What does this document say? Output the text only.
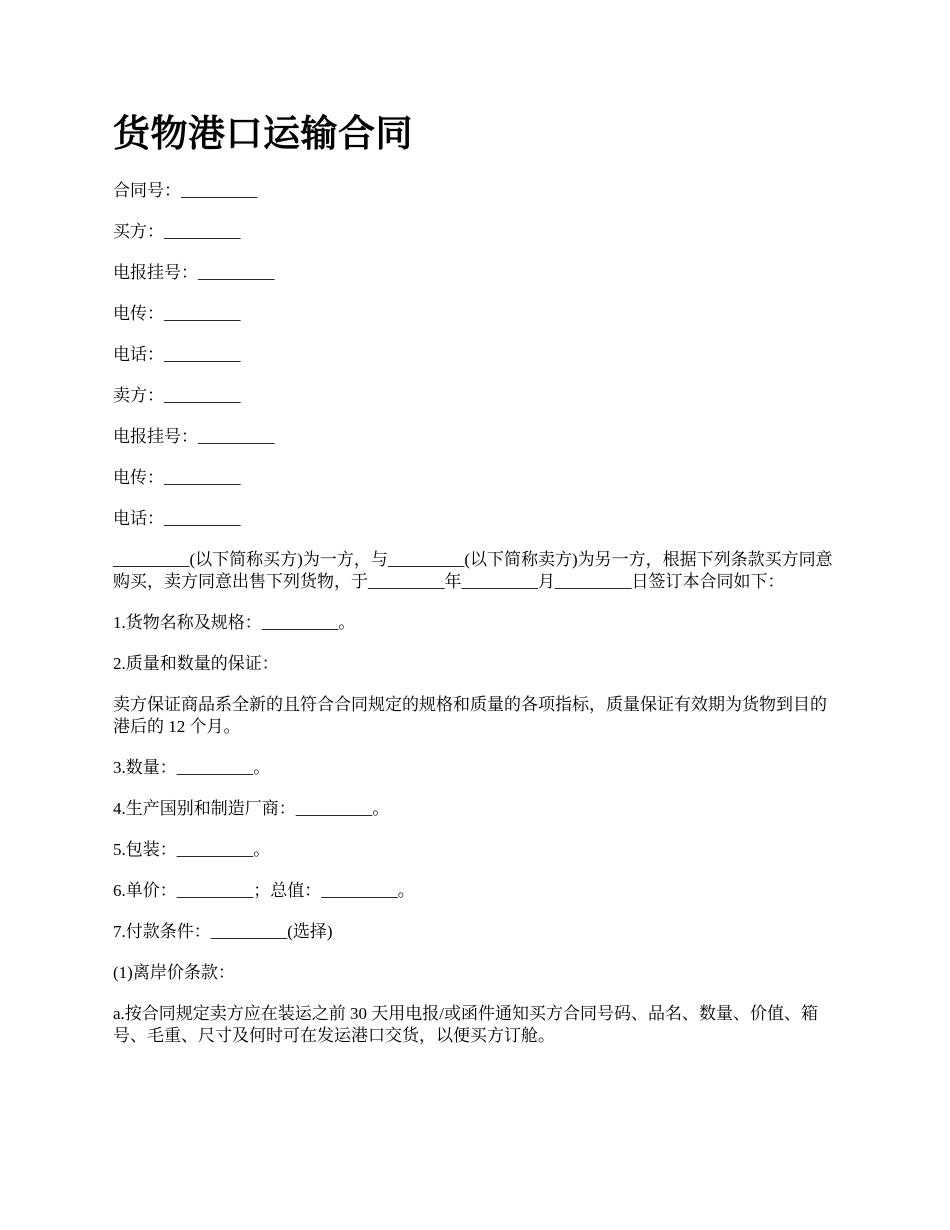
货物港口运输合同

合同号：_________

买方：_________

电报挂号：_________

电传：_________

电话：_________

卖方：_________

电报挂号：_________

电传：_________

电话：_________

_________(以下简称买方)为一方，与_________(以下简称卖方)为另一方，根据下列条款买方同意购买，卖方同意出售下列货物，于_________年_________月_________日签订本合同如下：

1.货物名称及规格：_________。

2.质量和数量的保证：

卖方保证商品系全新的且符合合同规定的规格和质量的各项指标，质量保证有效期为货物到目的港后的 12 个月。

3.数量：_________。

4.生产国别和制造厂商：_________。

5.包装：_________。

6.单价：_________；总值：_________。

7.付款条件：_________(选择)

(1)离岸价条款：

a.按合同规定卖方应在装运之前 30 天用电报/或函件通知买方合同号码、品名、数量、价值、箱号、毛重、尺寸及何时可在发运港口交货，以便买方订舱。
